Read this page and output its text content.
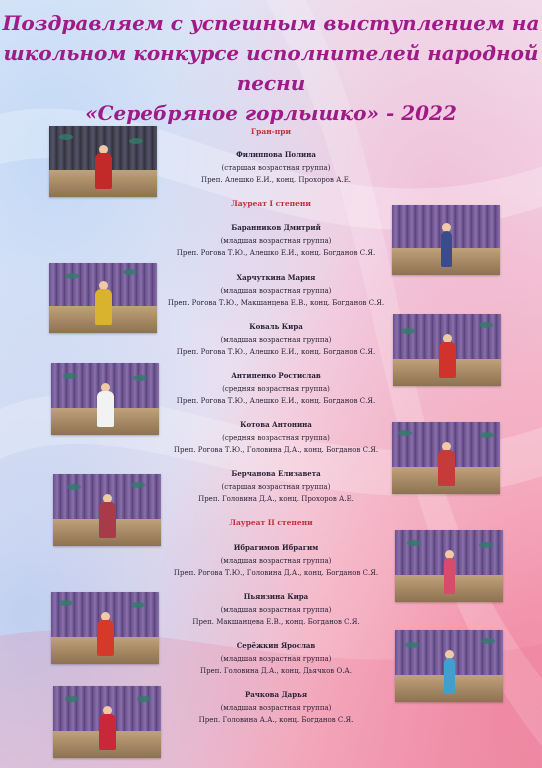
Поздравляем с успешным выступлением на
школьном конкурсе исполнителей народной песни
«Серебряное горлышко» - 2022
Гран-при
Филиппова Полина
(старшая возрастная группа)
Преп. Алешко Е.И., конц. Прохоров А.Е.
Лауреат I степени
Баранников Дмитрий
(младшая возрастная группа)
Преп. Рогова Т.Ю., Алешко Е.И., конц. Богданов С.Я.
Харчуткина Мария
(младшая возрастная группа)
Преп. Рогова Т.Ю., Макшанцева Е.В., конц. Богданов С.Я.
Коваль Кира
(младшая возрастная группа)
Преп. Рогова Т.Ю., Алешко Е.И., конц. Богданов С.Я.
Антипенко Ростислав
(средняя возрастная группа)
Преп. Рогова Т.Ю., Алешко Е.И., конц. Богданов С.Я.
Котова Антонина
(средняя возрастная группа)
Преп. Рогова Т.Ю., Головина Д.А., конц. Богданов С.Я.
Берчанова Елизавета
(старшая возрастная группа)
Преп. Головина Д.А., конц. Прохоров А.Е.
Лауреат II степени
Ибрагимов Ибрагим
(младшая возрастная группа)
Преп. Рогова Т.Ю., Головина Д.А., конц. Богданов С.Я.
Пьянзина Кира
(младшая возрастная группа)
Преп. Макшанцева Е.В., конц. Богданов С.Я.
Серёжкин Ярослав
(младшая возрастная группа)
Преп. Головина Д.А., конц. Дьячков О.А.
Рачкова Дарья
(младшая возрастная группа)
Преп. Головина А.А., конц. Богданов С.Я.
